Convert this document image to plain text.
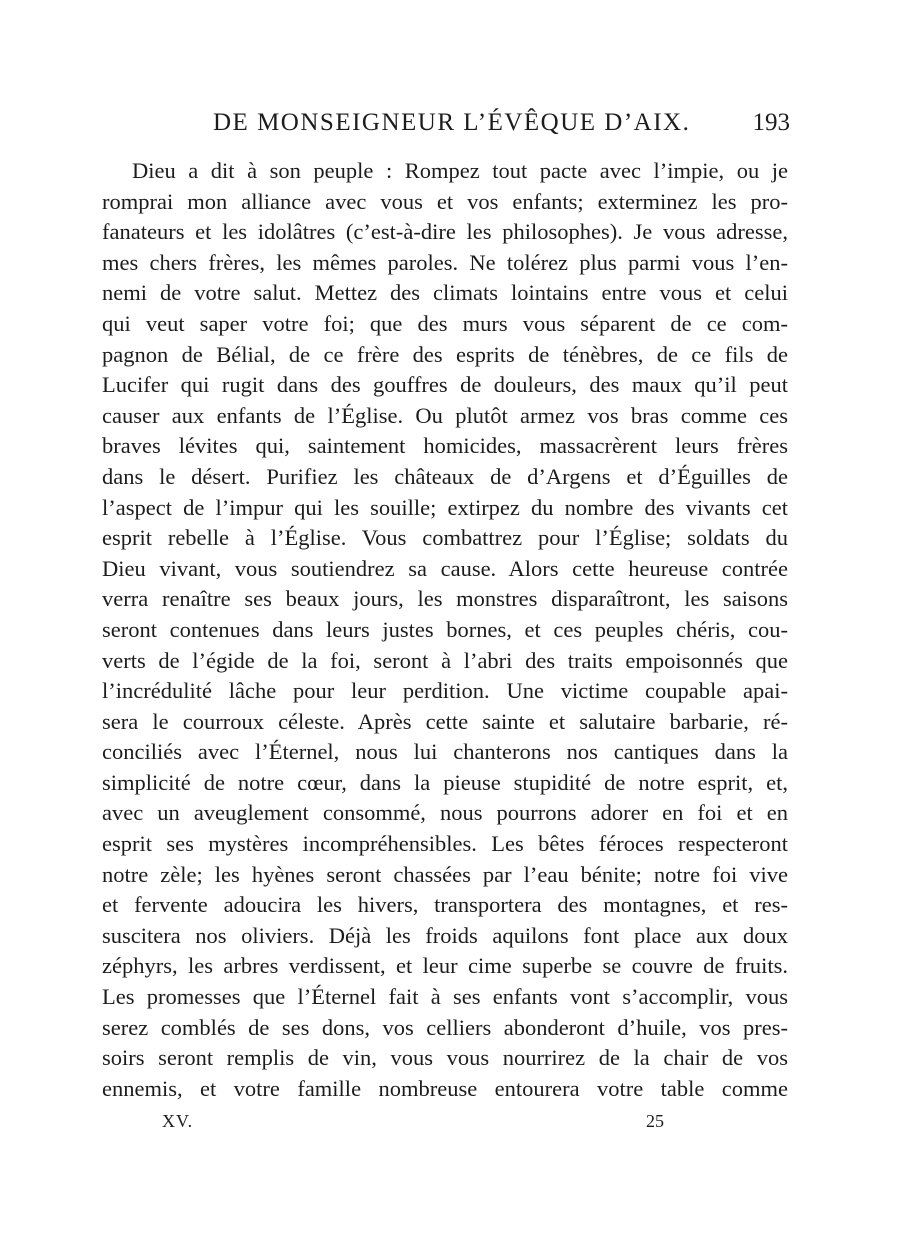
DE MONSEIGNEUR L’ÉVÊQUE D’AIX. 193
Dieu a dit à son peuple : Rompez tout pacte avec l’impie, ou je
romprai mon alliance avec vous et vos enfants; exterminez les pro-
fanateurs et les idolâtres (c’est-à-dire les philosophes). Je vous adresse,
mes chers frères, les mêmes paroles. Ne tolérez plus parmi vous l’en-
nemi de votre salut. Mettez des climats lointains entre vous et celui
qui veut saper votre foi; que des murs vous séparent de ce com-
pagnon de Bélial, de ce frère des esprits de ténèbres, de ce fils de
Lucifer qui rugit dans des gouffres de douleurs, des maux qu’il peut
causer aux enfants de l’Église. Ou plutôt armez vos bras comme ces
braves lévites qui, saintement homicides, massacrèrent leurs frères
dans le désert. Purifiez les châteaux de d’Argens et d’Éguilles de
l’aspect de l’impur qui les souille; extirpez du nombre des vivants cet
esprit rebelle à l’Église. Vous combattrez pour l’Église; soldats du
Dieu vivant, vous soutiendrez sa cause. Alors cette heureuse contrée
verra renaître ses beaux jours, les monstres disparaîtront, les saisons
seront contenues dans leurs justes bornes, et ces peuples chéris, cou-
verts de l’égide de la foi, seront à l’abri des traits empoisonnés que
l’incrédulité lâche pour leur perdition. Une victime coupable apai-
sera le courroux céleste. Après cette sainte et salutaire barbarie, ré-
conciliés avec l’Éternel, nous lui chanterons nos cantiques dans la
simplicité de notre cœur, dans la pieuse stupidité de notre esprit, et,
avec un aveuglement consommé, nous pourrons adorer en foi et en
esprit ses mystères incompréhensibles. Les bêtes féroces respecteront
notre zèle; les hyènes seront chassées par l’eau bénite; notre foi vive
et fervente adoucira les hivers, transportera des montagnes, et res-
suscitera nos oliviers. Déjà les froids aquilons font place aux doux
zéphyrs, les arbres verdissent, et leur cime superbe se couvre de fruits.
Les promesses que l’Éternel fait à ses enfants vont s’accomplir, vous
serez comblés de ses dons, vos celliers abonderont d’huile, vos pres-
soirs seront remplis de vin, vous vous nourrirez de la chair de vos
ennemis, et votre famille nombreuse entourera votre table comme
XV.	25
